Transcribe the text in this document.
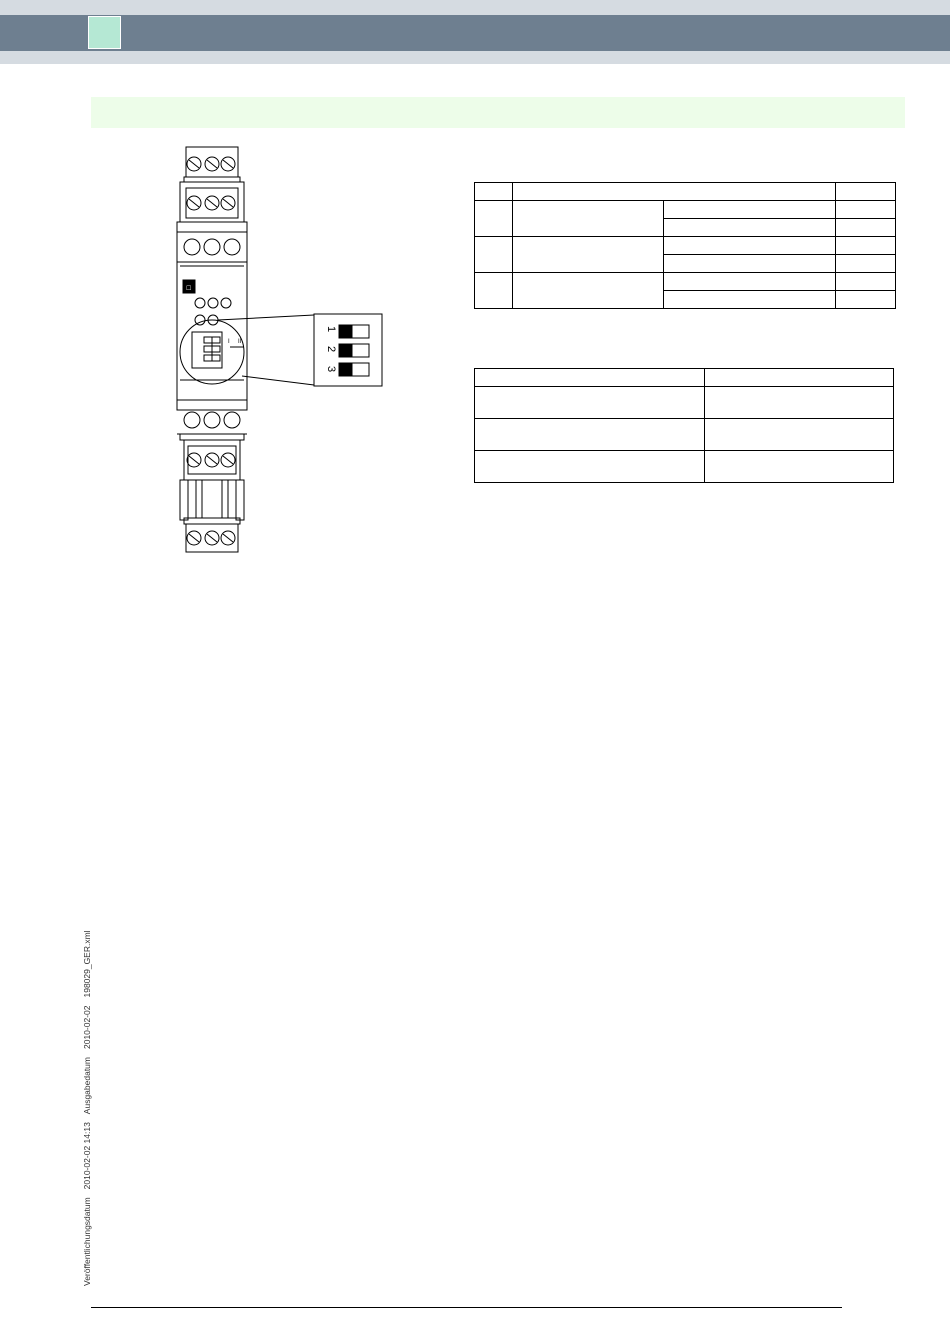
☐
I II
1
2
3

Veröffentlichungsdatum2010-02-02 14:13Ausgabedatum2010-02-02198029_GER.xml
